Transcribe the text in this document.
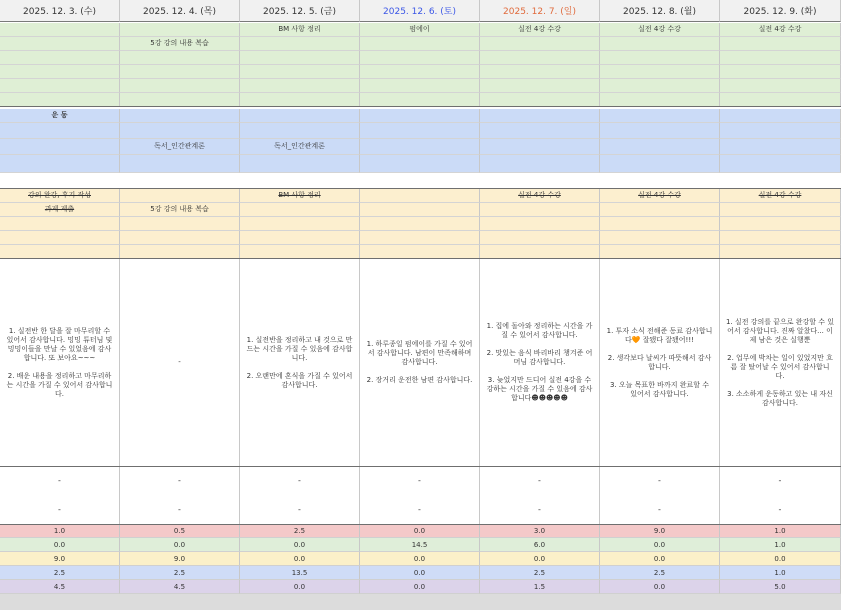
2025. 12. 3. (수)
운 동
강의 완강, 후기 작성
과제 제출
1. 실전반 한 달을 잘 마무리할 수 있어서 감사합니다. 밍밍 튜터님 및 밍밍이들을 만날 수 있었음에 감사합니다. 또 보아요~~~

2. 배운 내용을 정리하고 마무리하는 시간을 가질 수 있어서 감사합니다.
-
-
1.0
0.0
9.0
2.5
4.5
2025. 12. 4. (목)
5강 강의 내용 복습
독서_인간관계론
5강 강의 내용 복습
-
-
-
0.5
0.0
9.0
2.5
4.5
2025. 12. 5. (금)
BM 사항 정리
독서_인간관계론
BM 사항 정리
1. 실전반을 정리하고 내 것으로 만드는 시간을 가질 수 있음에 감사합니다.

2. 오랜만에 혼식을 가질 수 있어서 감사합니다.
-
-
2.5
0.0
0.0
13.5
0.0
2025. 12. 6. (토)
펌에이
1. 하루종일 펌에이를 가질 수 있어서 감사합니다. 남편이 만족해하며 감사합니다.

2. 장거리 운전한 남편 감사합니다.
-
-
0.0
14.5
0.0
0.0
0.0
2025. 12. 7. (일)
실전 4강 수강
실전 4강 수강
1. 집에 돌아와 정리하는 시간을 가질 수 있어서 감사합니다.

2. 맛있는 음식 바리바리 챙겨준 어머님 감사합니다.

3. 늦었지만 드디어 실전 4강을 수강하는 시간을 가질 수 있음에 감사합니다☻☻☻☻☻
-
-
3.0
6.0
0.0
2.5
1.5
2025. 12. 8. (월)
실전 4강 수강
실전 4강 수강
1. 투자 소식 전해준 동료 감사합니다🧡 잘됐다 잘됐어!!!

2. 생각보다 날씨가 따뜻해서 감사합니다.

3. 오늘 목표한 바까지 완료할 수 있어서 감사합니다.
-
-
9.0
0.0
0.0
2.5
0.0
2025. 12. 9. (화)
실전 4강 수강
실전 4강 수강
1. 실전 강의를 끝으로 완강할 수 있어서 감사합니다. 진짜 알찼다... 이제 남은 것은 실행뿐

2. 업무에 박차는 일이 있었지만 흐름 잘 탔어날 수 있어서 감사합니다.

3. 소소하게 운동하고 있는 내 자신 감사합니다.
-
-
1.0
1.0
0.0
1.0
5.0
